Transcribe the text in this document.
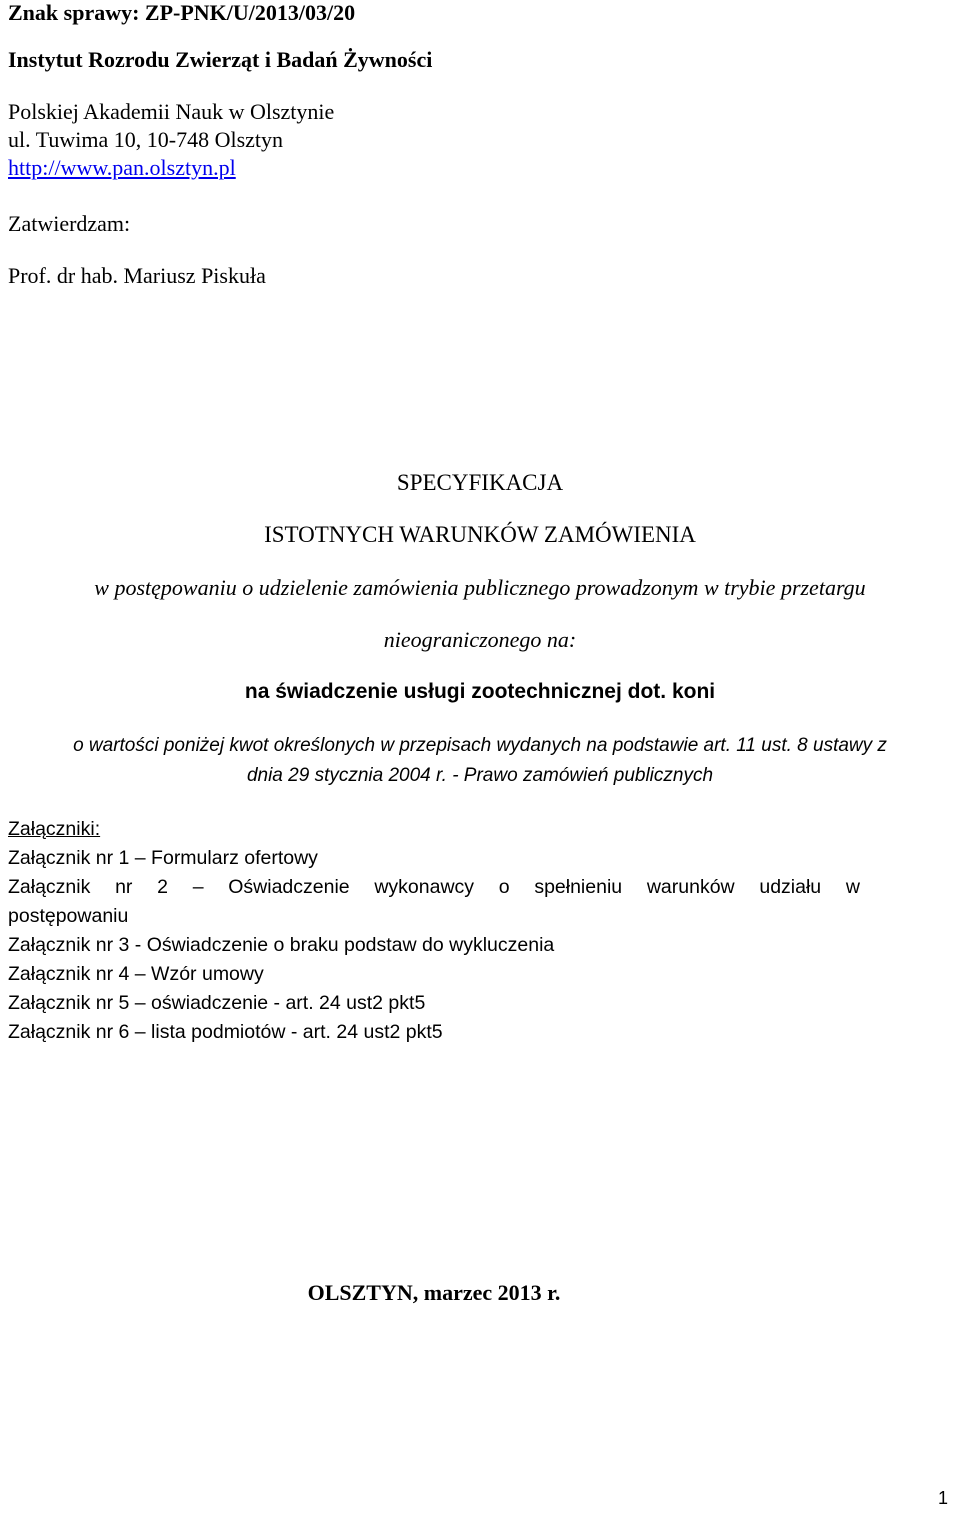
Znak sprawy: ZP-PNK/U/2013/03/20
Instytut Rozrodu Zwierząt i Badań Żywności
Polskiej Akademii Nauk w Olsztynie
ul. Tuwima 10, 10-748 Olsztyn
http://www.pan.olsztyn.pl
Zatwierdzam:
Prof. dr hab. Mariusz Piskuła
SPECYFIKACJA
ISTOTNYCH WARUNKÓW ZAMÓWIENIA
w postępowaniu o udzielenie zamówienia publicznego prowadzonym w trybie przetargu
nieograniczonego na:
na świadczenie usługi zootechnicznej dot. koni
o wartości poniżej kwot określonych w przepisach wydanych na podstawie art. 11 ust. 8 ustawy z
dnia 29 stycznia 2004 r. - Prawo zamówień publicznych
Załączniki:
Załącznik nr 1 – Formularz ofertowy
Załącznik nr 2 – Oświadczenie wykonawcy o spełnieniu warunków udziału w
postępowaniu
Załącznik nr 3 - Oświadczenie o braku podstaw do wykluczenia
Załącznik nr 4 – Wzór umowy
Załącznik nr 5 – oświadczenie - art. 24 ust2 pkt5
Załącznik nr 6 – lista podmiotów - art. 24 ust2 pkt5
OLSZTYN, marzec 2013 r.
1
